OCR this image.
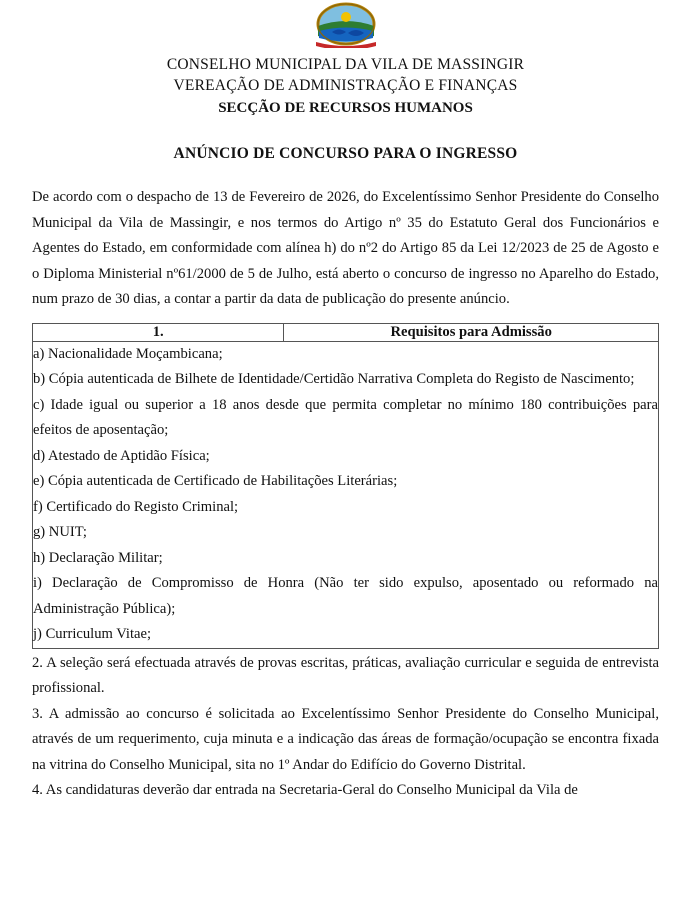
CONSELHO MUNICIPAL DA VILA DE MASSINGIR
VEREAÇÃO DE ADMINISTRAÇÃO E FINANÇAS
SECÇÃO DE RECURSOS HUMANOS
ANÚNCIO DE CONCURSO PARA O INGRESSO
De acordo com o despacho de 13 de Fevereiro de 2026, do Excelentíssimo Senhor Presidente do Conselho Municipal da Vila de Massingir, e nos termos do Artigo nº 35 do Estatuto Geral dos Funcionários e Agentes do Estado, em conformidade com alínea h) do nº2 do Artigo 85 da Lei 12/2023 de 25 de Agosto e o Diploma Ministerial nº61/2000 de 5 de Julho, está aberto o concurso de ingresso no Aparelho do Estado, num prazo de 30 dias, a contar a partir da data de publicação do presente anúncio.
1.	Requisitos para Admissão

a) Nacionalidade Moçambicana;
b) Cópia autenticada de Bilhete de Identidade/Certidão Narrativa Completa do Registo de Nascimento;
c) Idade igual ou superior a 18 anos desde que permita completar no mínimo 180 contribuições para efeitos de aposentação;
d) Atestado de Aptidão Física;
e) Cópia autenticada de Certificado de Habilitações Literárias;
f) Certificado do Registo Criminal;
g) NUIT;
h) Declaração Militar;
i) Declaração de Compromisso de Honra (Não ter sido expulso, aposentado ou reformado na Administração Pública);
j) Curriculum Vitae;

2. A seleção será efectuada através de provas escritas, práticas, avaliação curricular e seguida de entrevista profissional.

3. A admissão ao concurso é solicitada ao Excelentíssimo Senhor Presidente do Conselho Municipal, através de um requerimento, cuja minuta e a indicação das áreas de formação/ocupação se encontra fixada na vitrina do Conselho Municipal, sita no 1º Andar do Edifício do Governo Distrital.

4. As candidaturas deverão dar entrada na Secretaria-Geral do Conselho Municipal da Vila de
